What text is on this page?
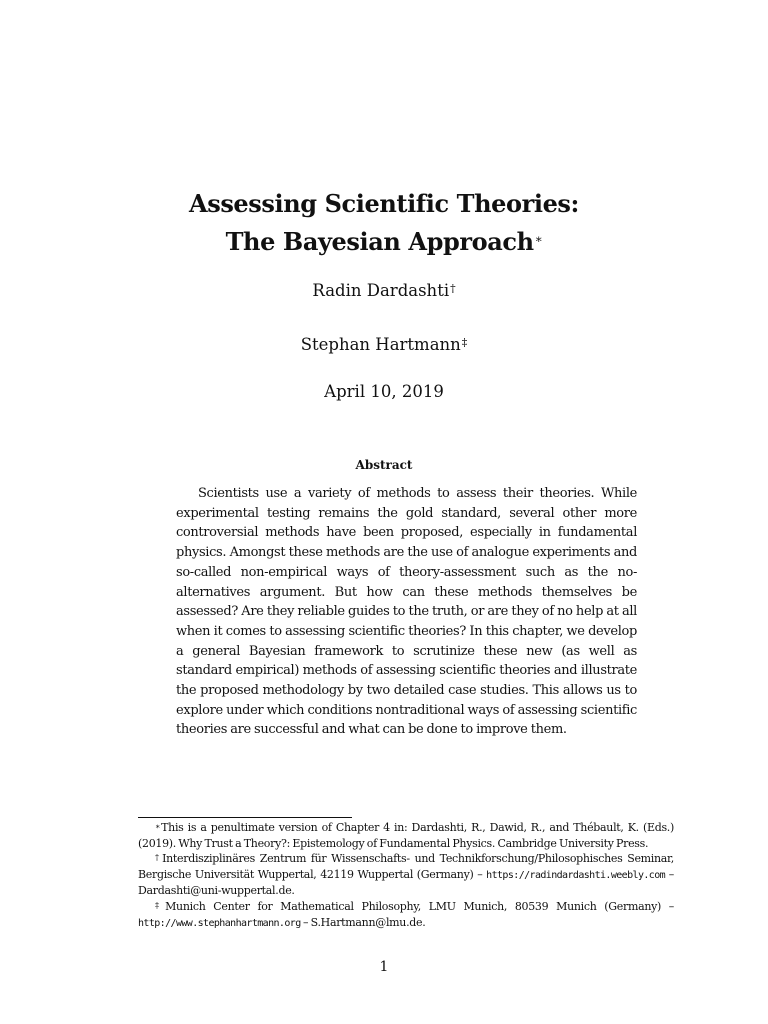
Assessing Scientific Theories:
The Bayesian Approach∗
Radin Dardashti†
Stephan Hartmann‡
April 10, 2019
Abstract

Scientists use a variety of methods to assess their theories. While experimental testing remains the gold standard, several other more controversial methods have been proposed, especially in fundamental physics. Amongst these methods are the use of analogue experiments and so-called non-empirical ways of theory-assessment such as the no-alternatives argument. But how can these methods themselves be assessed? Are they reliable guides to the truth, or are they of no help at all when it comes to assessing scientific theories? In this chapter, we develop a general Bayesian framework to scrutinize these new (as well as standard empirical) methods of assessing scientific theories and illustrate the proposed methodology by two detailed case studies. This allows us to explore under which conditions nontraditional ways of assessing scientific theories are successful and what can be done to improve them.

∗This is a penultimate version of Chapter 4 in: Dardashti, R., Dawid, R., and Thébault, K. (Eds.) (2019). Why Trust a Theory?: Epistemology of Fundamental Physics. Cambridge University Press.

†Interdisziplinäres Zentrum für Wissenschafts- und Technikforschung/Philosophisches Seminar, Bergische Universität Wuppertal, 42119 Wuppertal (Germany) – https://radindardashti.weebly.com – Dardashti@uni-wuppertal.de.

‡Munich Center for Mathematical Philosophy, LMU Munich, 80539 Munich (Germany) – http://www.stephanhartmann.org – S.Hartmann@lmu.de.

1
